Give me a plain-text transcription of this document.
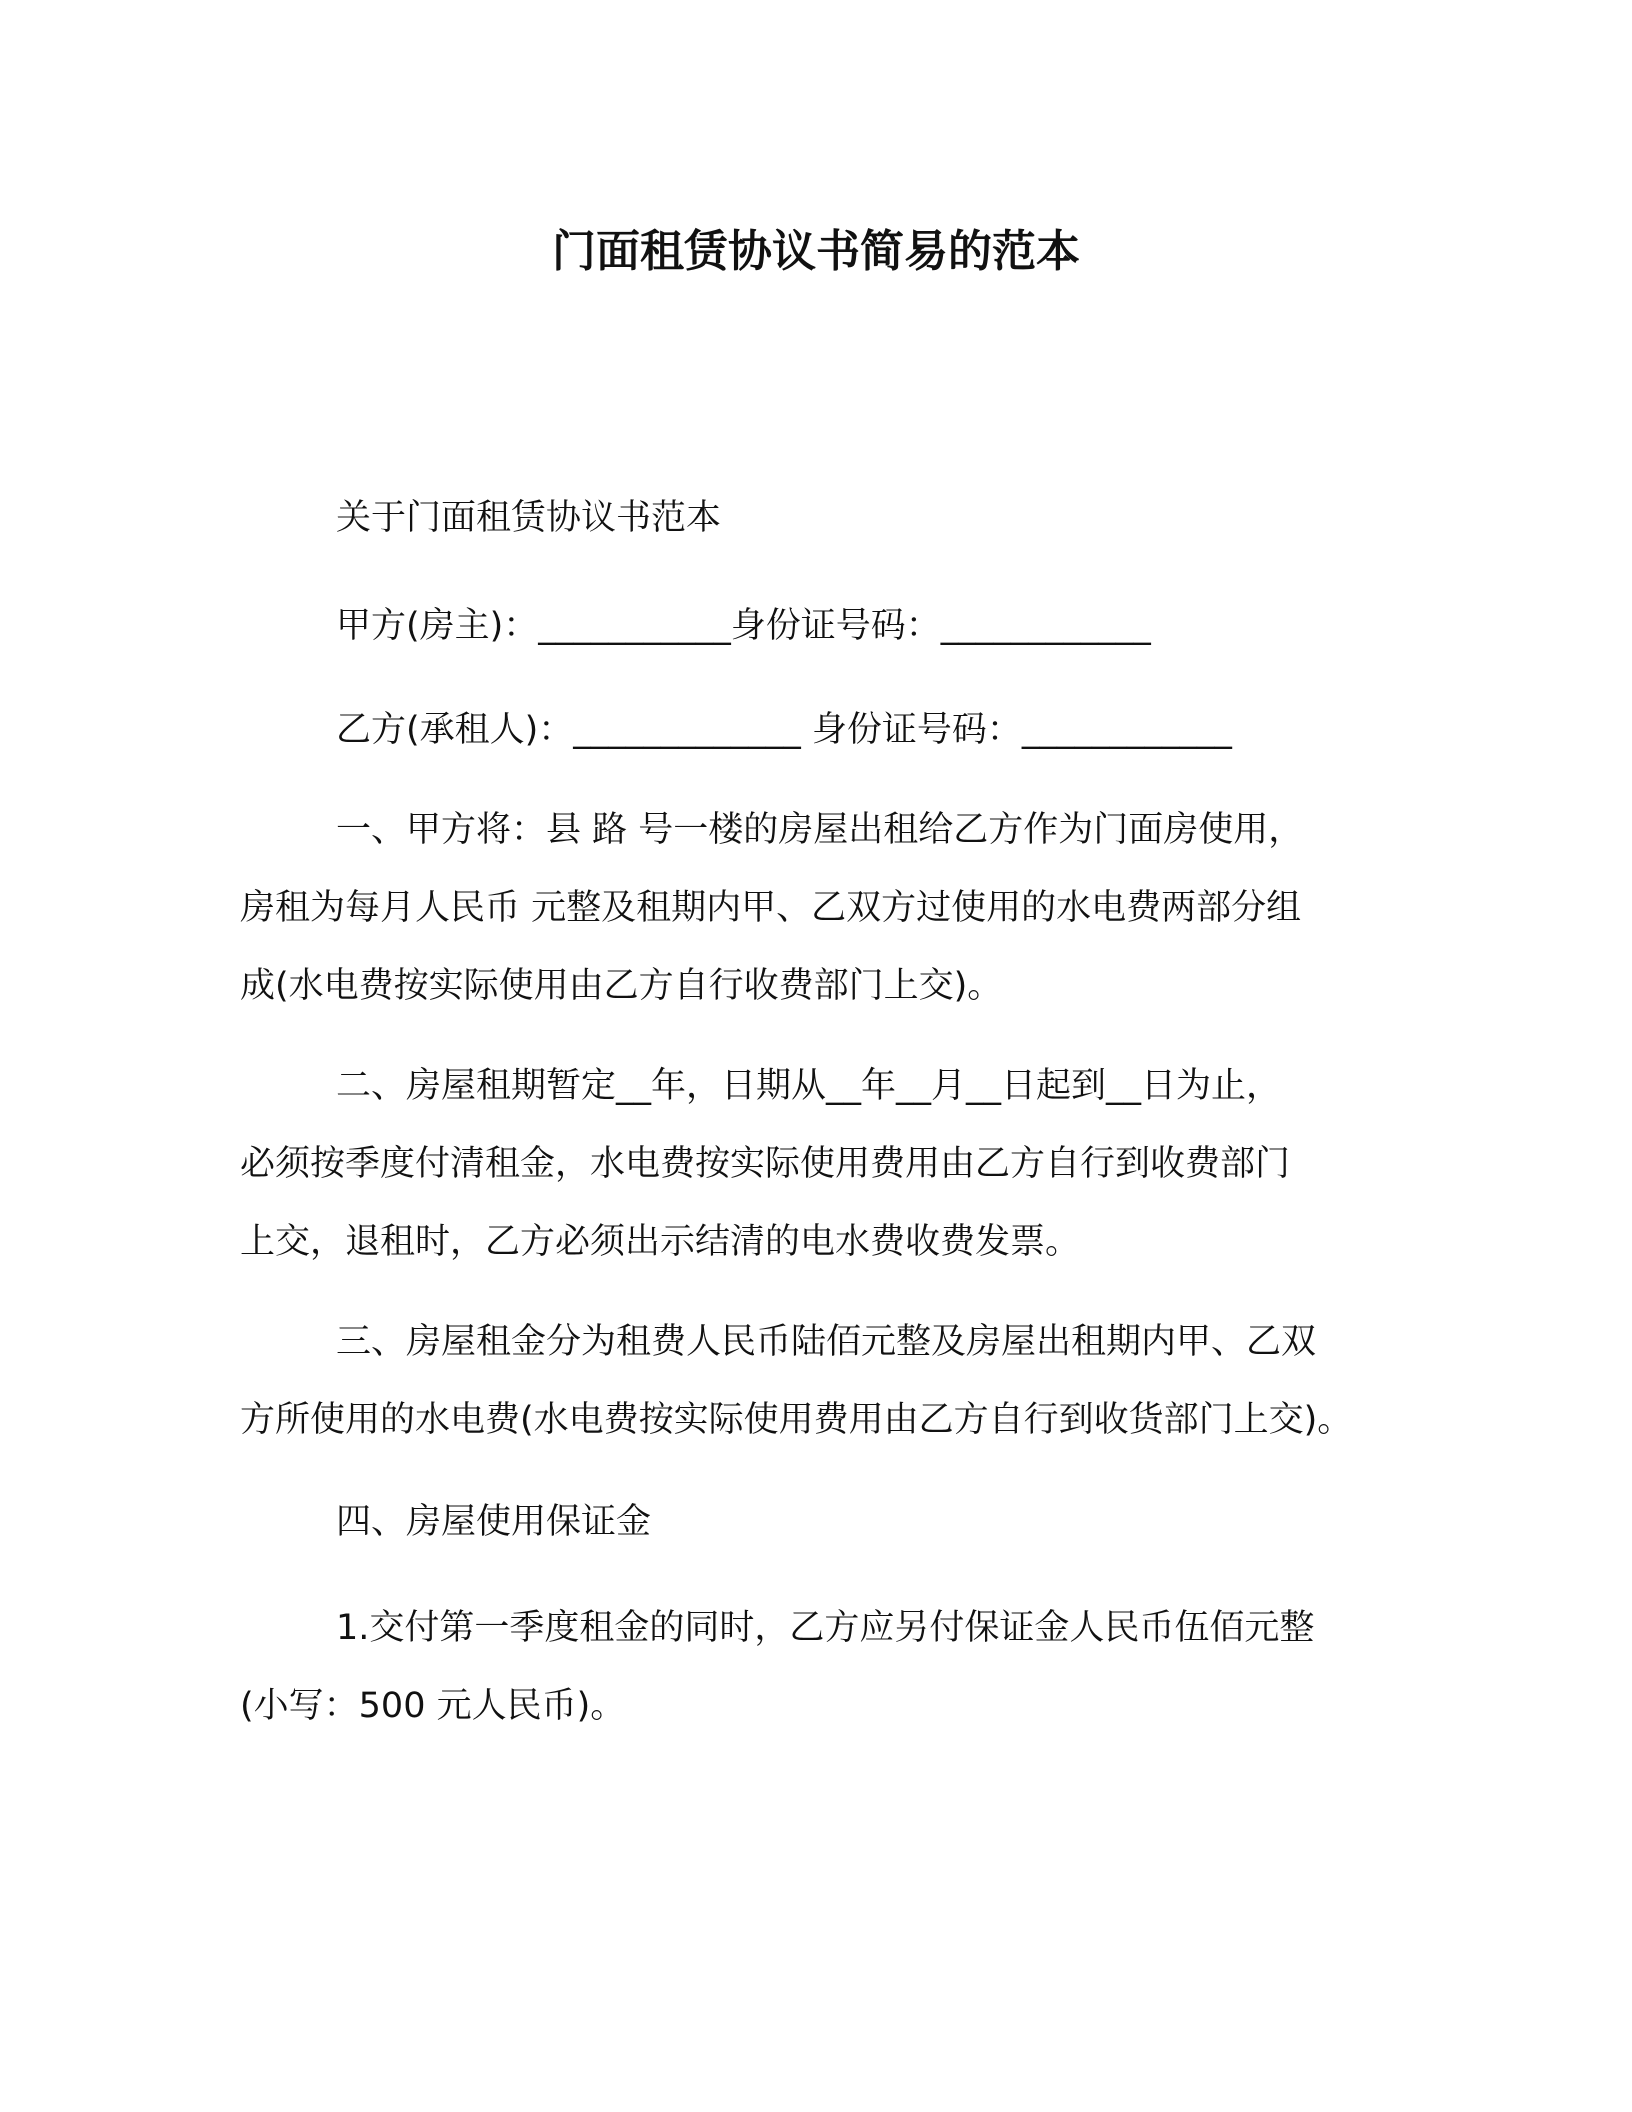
门面租赁协议书简易的范本
关于门面租赁协议书范本
甲方(房主)：___________身份证号码：____________
乙方(承租人)：_____________ 身份证号码：____________
一、甲方将：县 路 号一楼的房屋出租给乙方作为门面房使用，
房租为每月人民币 元整及租期内甲、乙双方过使用的水电费两部分组
成(水电费按实际使用由乙方自行收费部门上交)。
二、房屋租期暂定__年，日期从__年__月__日起到__日为止，
必须按季度付清租金，水电费按实际使用费用由乙方自行到收费部门
上交，退租时，乙方必须出示结清的电水费收费发票。
三、房屋租金分为租费人民币陆佰元整及房屋出租期内甲、乙双
方所使用的水电费(水电费按实际使用费用由乙方自行到收货部门上交)。
四、房屋使用保证金
1.交付第一季度租金的同时，乙方应另付保证金人民币伍佰元整
(小写：500 元人民币)。
